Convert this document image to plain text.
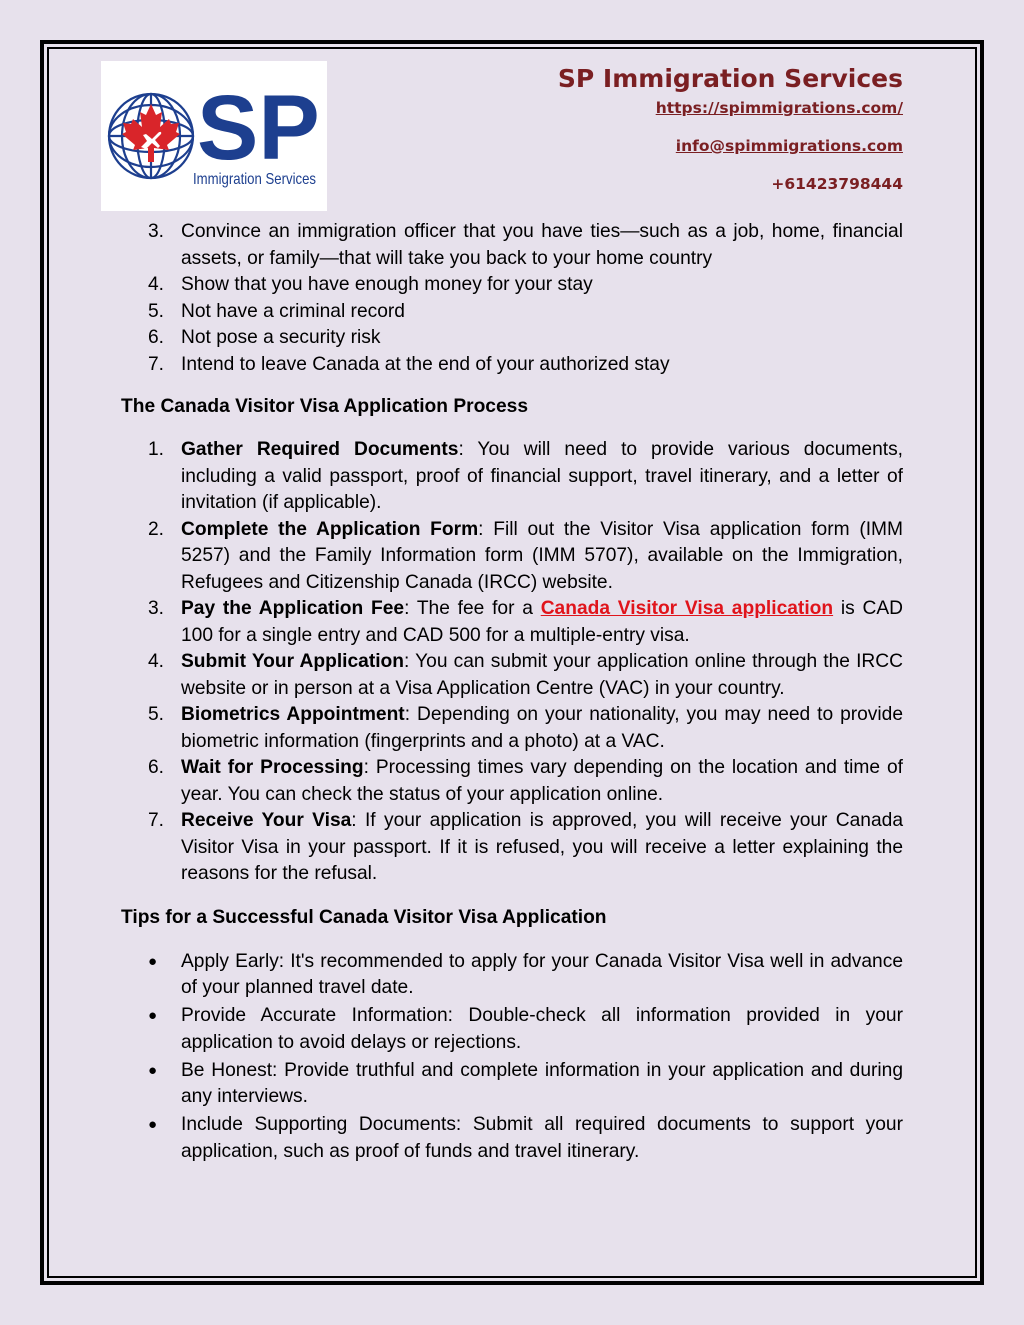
SP
Immigration Services
SP Immigration Services
https://spimmigrations.com/
info@spimmigrations.com
+61423798444
3. Convince an immigration officer that you have ties—such as a job, home, financial assets, or family—that will take you back to your home country
4. Show that you have enough money for your stay
5. Not have a criminal record
6. Not pose a security risk
7. Intend to leave Canada at the end of your authorized stay
The Canada Visitor Visa Application Process
1. Gather Required Documents: You will need to provide various documents, including a valid passport, proof of financial support, travel itinerary, and a letter of invitation (if applicable).
2. Complete the Application Form: Fill out the Visitor Visa application form (IMM 5257) and the Family Information form (IMM 5707), available on the Immigration, Refugees and Citizenship Canada (IRCC) website.
3. Pay the Application Fee: The fee for a Canada Visitor Visa application is CAD 100 for a single entry and CAD 500 for a multiple-entry visa.
4. Submit Your Application: You can submit your application online through the IRCC website or in person at a Visa Application Centre (VAC) in your country.
5. Biometrics Appointment: Depending on your nationality, you may need to provide biometric information (fingerprints and a photo) at a VAC.
6. Wait for Processing: Processing times vary depending on the location and time of year. You can check the status of your application online.
7. Receive Your Visa: If your application is approved, you will receive your Canada Visitor Visa in your passport. If it is refused, you will receive a letter explaining the reasons for the refusal.
Tips for a Successful Canada Visitor Visa Application
● Apply Early: It's recommended to apply for your Canada Visitor Visa well in advance of your planned travel date.
● Provide Accurate Information: Double-check all information provided in your application to avoid delays or rejections.
● Be Honest: Provide truthful and complete information in your application and during any interviews.
● Include Supporting Documents: Submit all required documents to support your application, such as proof of funds and travel itinerary.
